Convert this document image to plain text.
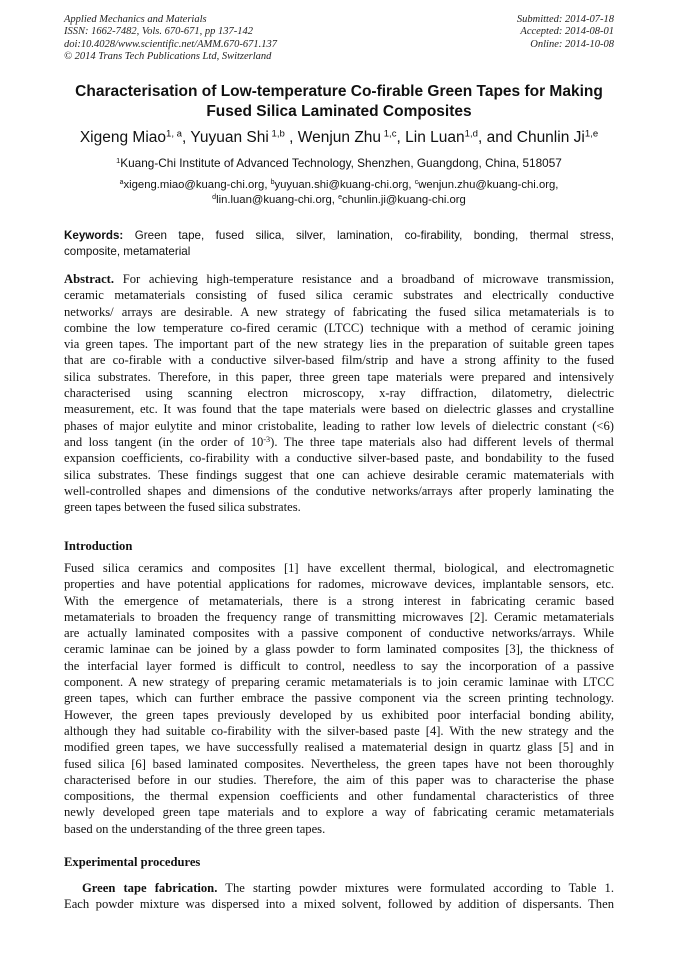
Applied Mechanics and Materials
ISSN: 1662-7482, Vols. 670-671, pp 137-142
doi:10.4028/www.scientific.net/AMM.670-671.137
© 2014 Trans Tech Publications Ltd, Switzerland
Submitted: 2014-07-18
Accepted: 2014-08-01
Online: 2014-10-08
Characterisation of Low-temperature Co-firable Green Tapes for Making
Fused Silica Laminated Composites
Xigeng Miao$^{1, a}$, Yuyuan Shi $^{1,b}$ , Wenjun Zhu $^{1,c}$, Lin Luan$^{1,d}$, and Chunlin Ji$^{1,e}$
$^1$Kuang-Chi Institute of Advanced Technology, Shenzhen, Guangdong, China, 518057
$^a$xigeng.miao@kuang-chi.org, $^b$yuyuan.shi@kuang-chi.org, $^c$wenjun.zhu@kuang-chi.org,
$^d$lin.luan@kuang-chi.org, $^e$chunlin.ji@kuang-chi.org
Keywords: Green tape, fused silica, silver, lamination, co-firability, bonding, thermal stress,
composite, metamaterial
Abstract. For achieving high-temperature resistance and a broadband of microwave transmission,
ceramic metamaterials consisting of fused silica ceramic substrates and electrically conductive
networks/ arrays are desirable. A new strategy of fabricating the fused silica metamaterials is to
combine the low temperature co-fired ceramic (LTCC) technique with a method of ceramic joining
via green tapes. The important part of the new strategy lies in the preparation of suitable green tapes
that are co-firable with a conductive silver-based film/strip and have a strong affinity to the fused
silica substrates. Therefore, in this paper, three green tape materials were prepared and intensively
characterised using scanning electron microscopy, x-ray diffraction, dilatometry, dielectric
measurement, etc. It was found that the tape materials were based on dielectric glasses and crystalline
phases of major eulytite and minor cristobalite, leading to rather low levels of dielectric constant (<6)
and loss tangent (in the order of $10^{-3}$). The three tape materials also had different levels of thermal
expansion coefficients, co-firability with a conductive silver-based paste, and bondability to the fused
silica substrates. These findings suggest that one can achieve desirable ceramic matematerials with
well-controlled shapes and dimensions of the condutive networks/arrays after properly laminating the
green tapes between the fused silica substrates.
Introduction
Fused silica ceramics and composites [1] have excellent thermal, biological, and electromagnetic
properties and have potential applications for radomes, microwave devices, implantable sensors, etc.
With the emergence of metamaterials, there is a strong interest in fabricating ceramic based
metamaterials to broaden the frequency range of transmitting microwaves [2]. Ceramic metamaterials
are actually laminated composites with a passive component of conductive networks/arrays. While
ceramic laminae can be joined by a glass powder to form laminated composites [3], the thickness of
the interfacial layer formed is difficult to control, needless to say the incorporation of a passive
component. A new strategy of preparing ceramic metamaterials is to join ceramic laminae with LTCC
green tapes, which can further embrace the passive component via the screen printing technology.
However, the green tapes previously developed by us exhibited poor interfacial bonding ability,
although they had suitable co-firability with the silver-based paste [4]. With the new strategy and the
modified green tapes, we have successfully realised a matematerial design in quartz glass [5] and in
fused silica [6] based laminated composites. Nevertheless, the green tapes have not been thoroughly
characterised before in our studies. Therefore, the aim of this paper was to characterise the phase
compositions, the thermal expension coefficients and other fundamental characteristics of three
newly developed green tape materials and to explore a way of fabricating ceramic metamaterials
based on the understanding of the three green tapes.
Experimental procedures
Green tape fabrication. The starting powder mixtures were formulated according to Table 1.
Each powder mixture was dispersed into a mixed solvent, followed by addition of dispersants. Then
